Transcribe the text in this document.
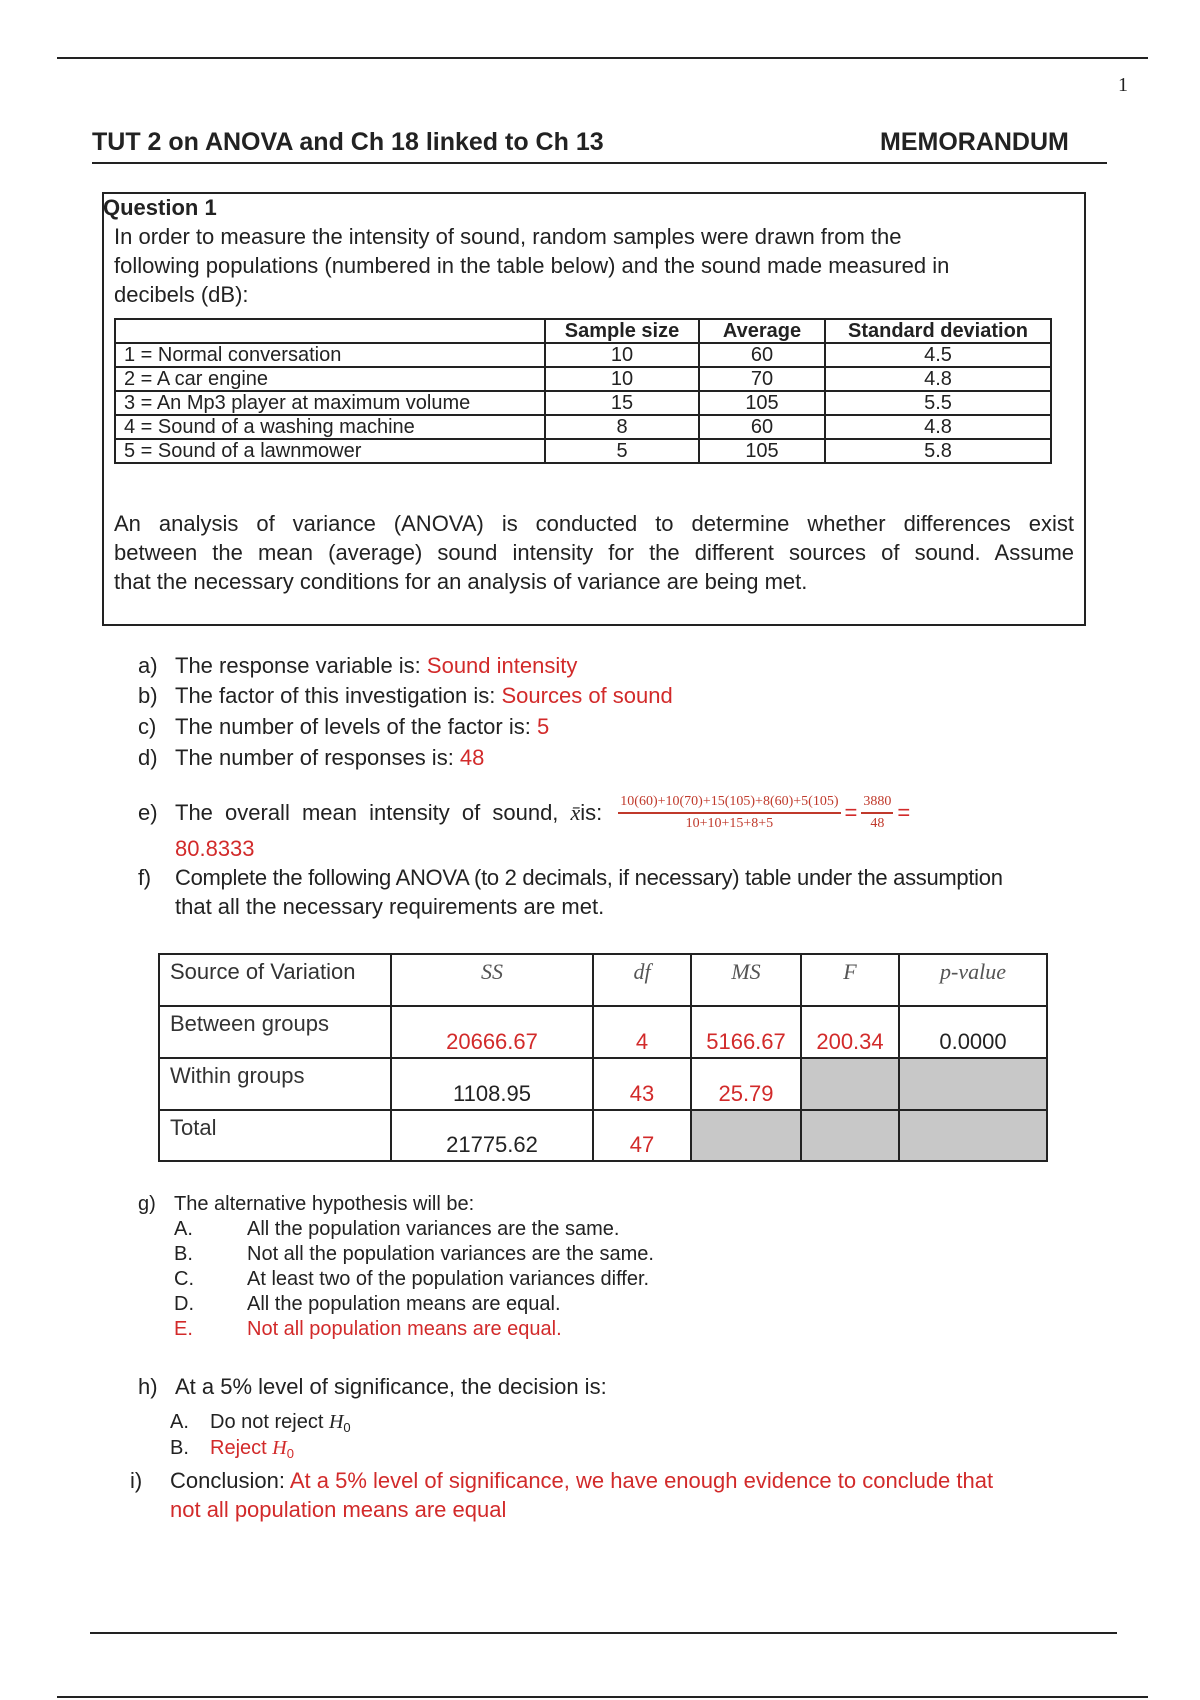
1
TUT 2 on ANOVA and Ch 18 linked to Ch 13	MEMORANDUM
Question 1
In order to measure the intensity of sound, random samples were drawn from the
following populations (numbered in the table below) and the sound made measured in
decibels (dB):
	Sample size	Average	Standard deviation
1 = Normal conversation	10	60	4.5
2 = A car engine	10	70	4.8
3 = An Mp3 player at maximum volume	15	105	5.5
4 = Sound of a washing machine	8	60	4.8
5 = Sound of a lawnmower	5	105	5.8
An analysis of variance (ANOVA) is conducted to determine whether differences exist
between the mean (average) sound intensity for the different sources of sound. Assume
that the necessary conditions for an analysis of variance are being met.
a) The response variable is: Sound intensity
b) The factor of this investigation is: Sources of sound
c) The number of levels of the factor is: 5
d) The number of responses is: 48
e) The overall mean intensity of sound, x̄ is: $\frac{10(60)+10(70)+15(105)+8(60)+5(105)}{10+10+15+8+5} = \frac{3880}{48}$ =
80.8333
f) Complete the following ANOVA (to 2 decimals, if necessary) table under the assumption
that all the necessary requirements are met.
Source of Variation	SS	df	MS	F	p-value
Between groups	20666.67	4	5166.67	200.34	0.0000
Within groups	1108.95	43	25.79		
Total	21775.62	47			
g) The alternative hypothesis will be:
A.	All the population variances are the same.
B.	Not all the population variances are the same.
C.	At least two of the population variances differ.
D.	All the population means are equal.
E.	Not all population means are equal.
h) At a 5% level of significance, the decision is:
A. Do not reject $H_0$
B. Reject $H_0$
i) Conclusion: At a 5% level of significance, we have enough evidence to conclude that
not all population means are equal
